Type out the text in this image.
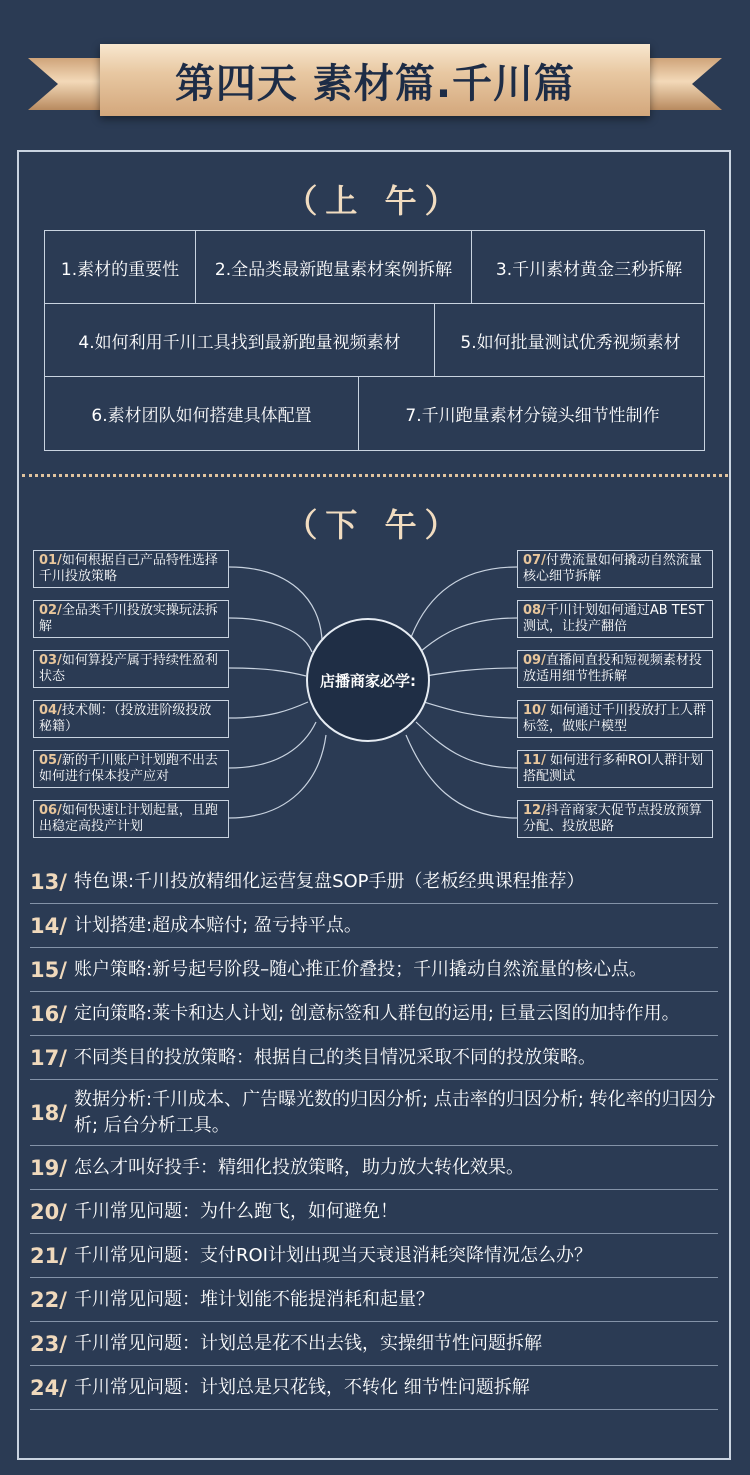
第四天 素材篇.千川篇
（上 午）
1.素材的重要性	2.全品类最新跑量素材案例拆解	3.千川素材黄金三秒拆解
4.如何利用千川工具找到最新跑量视频素材	5.如何批量测试优秀视频素材
6.素材团队如何搭建具体配置	7.千川跑量素材分镜头细节性制作
（下 午）
店播商家必学:
01/如何根据自己产品特性选择千川投放策略
02/全品类千川投放实操玩法拆解
03/如何算投产属于持续性盈利状态
04/技术侧：（投放进阶级投放秘籍）
05/新的千川账户计划跑不出去如何进行保本投产应对
06/如何快速让计划起量，且跑出稳定高投产计划
07/付费流量如何撬动自然流量核心细节拆解
08/千川计划如何通过AB TEST测试，让投产翻倍
09/直播间直投和短视频素材投放适用细节性拆解
10/ 如何通过千川投放打上人群标签，做账户模型
11/ 如何进行多种ROI人群计划搭配测试
12/抖音商家大促节点投放预算分配、投放思路
13/ 特色课:千川投放精细化运营复盘SOP手册（老板经典课程推荐）
14/ 计划搭建:超成本赔付; 盈亏持平点。
15/ 账户策略:新号起号阶段–随心推正价叠投；千川撬动自然流量的核心点。
16/ 定向策略:莱卡和达人计划; 创意标签和人群包的运用; 巨量云图的加持作用。
17/ 不同类目的投放策略：根据自己的类目情况采取不同的投放策略。
18/
数据分析:千川成本、广告曝光数的归因分析; 点击率的归因分析; 转化率的归因分析; 后台分析工具。
19/ 怎么才叫好投手：精细化投放策略，助力放大转化效果。
20/ 千川常见问题：为什么跑飞，如何避免！
21/ 千川常见问题：支付ROI计划出现当天衰退消耗突降情况怎么办？
22/ 千川常见问题：堆计划能不能提消耗和起量？
23/ 千川常见问题：计划总是花不出去钱，实操细节性问题拆解
24/ 千川常见问题：计划总是只花钱，不转化 细节性问题拆解
